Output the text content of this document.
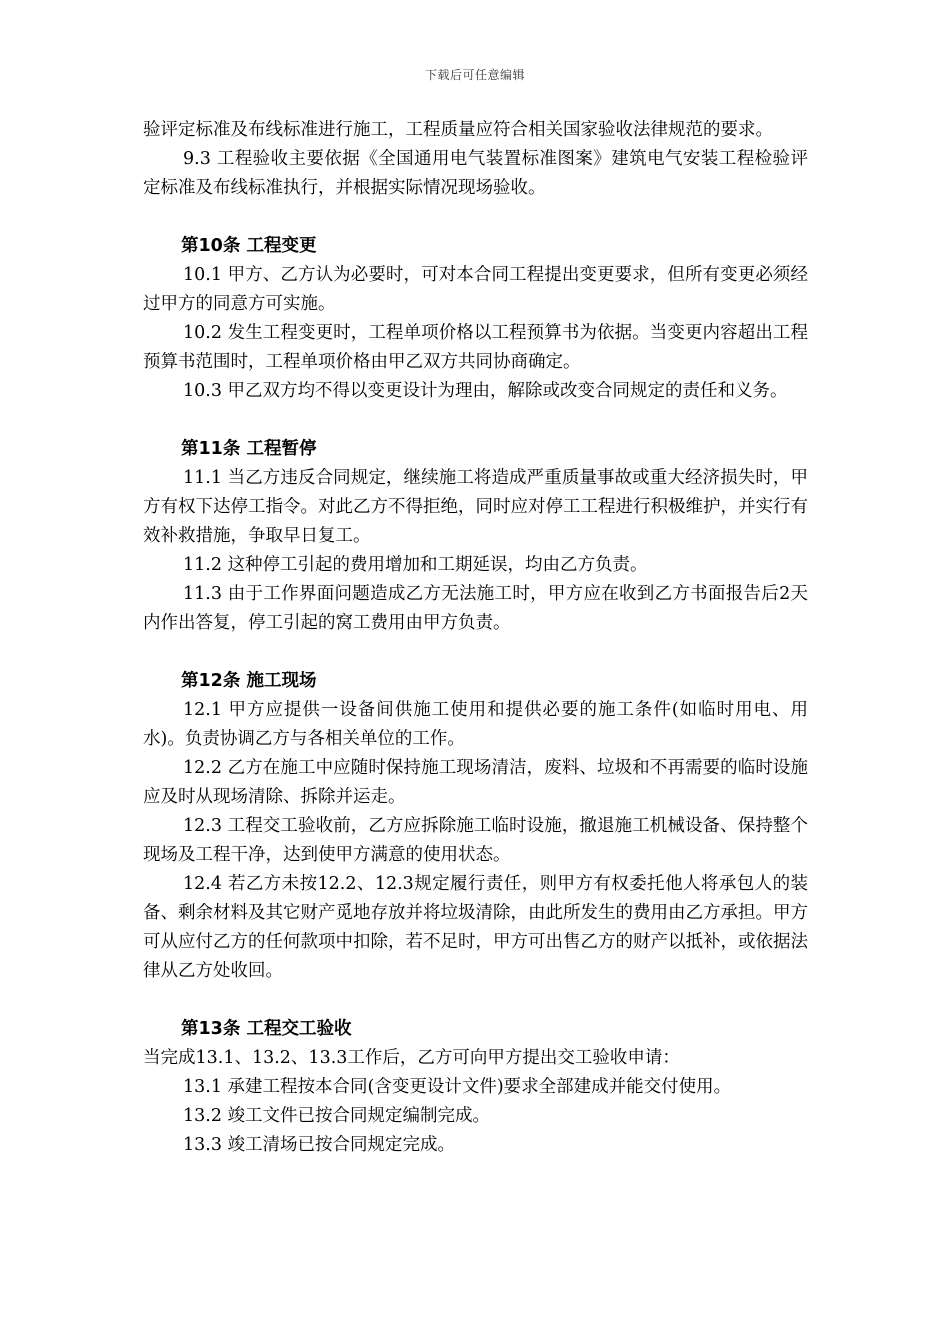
下载后可任意编辑

验评定标准及布线标准进行施工，工程质量应符合相关国家验收法律规范的要求。

9.3 工程验收主要依据《全国通用电气装置标准图案》建筑电气安装工程检验评定标准及布线标准执行，并根据实际情况现场验收。

第10条 工程变更

10.1 甲方、乙方认为必要时，可对本合同工程提出变更要求，但所有变更必须经过甲方的同意方可实施。

10.2 发生工程变更时，工程单项价格以工程预算书为依据。当变更内容超出工程预算书范围时，工程单项价格由甲乙双方共同协商确定。

10.3 甲乙双方均不得以变更设计为理由，解除或改变合同规定的责任和义务。

第11条 工程暂停

11.1 当乙方违反合同规定，继续施工将造成严重质量事故或重大经济损失时，甲方有权下达停工指令。对此乙方不得拒绝，同时应对停工工程进行积极维护，并实行有效补救措施，争取早日复工。

11.2 这种停工引起的费用增加和工期延误，均由乙方负责。

11.3 由于工作界面问题造成乙方无法施工时，甲方应在收到乙方书面报告后2天内作出答复，停工引起的窝工费用由甲方负责。

第12条 施工现场

12.1 甲方应提供一设备间供施工使用和提供必要的施工条件(如临时用电、用水)。负责协调乙方与各相关单位的工作。

12.2 乙方在施工中应随时保持施工现场清洁，废料、垃圾和不再需要的临时设施应及时从现场清除、拆除并运走。

12.3 工程交工验收前，乙方应拆除施工临时设施，撤退施工机械设备、保持整个现场及工程干净，达到使甲方满意的使用状态。

12.4 若乙方未按12.2、12.3规定履行责任，则甲方有权委托他人将承包人的装备、剩余材料及其它财产觅地存放并将垃圾清除，由此所发生的费用由乙方承担。甲方可从应付乙方的任何款项中扣除，若不足时，甲方可出售乙方的财产以抵补，或依据法律从乙方处收回。

第13条 工程交工验收

当完成13.1、13.2、13.3工作后，乙方可向甲方提出交工验收申请：

13.1 承建工程按本合同(含变更设计文件)要求全部建成并能交付使用。

13.2 竣工文件已按合同规定编制完成。

13.3 竣工清场已按合同规定完成。
